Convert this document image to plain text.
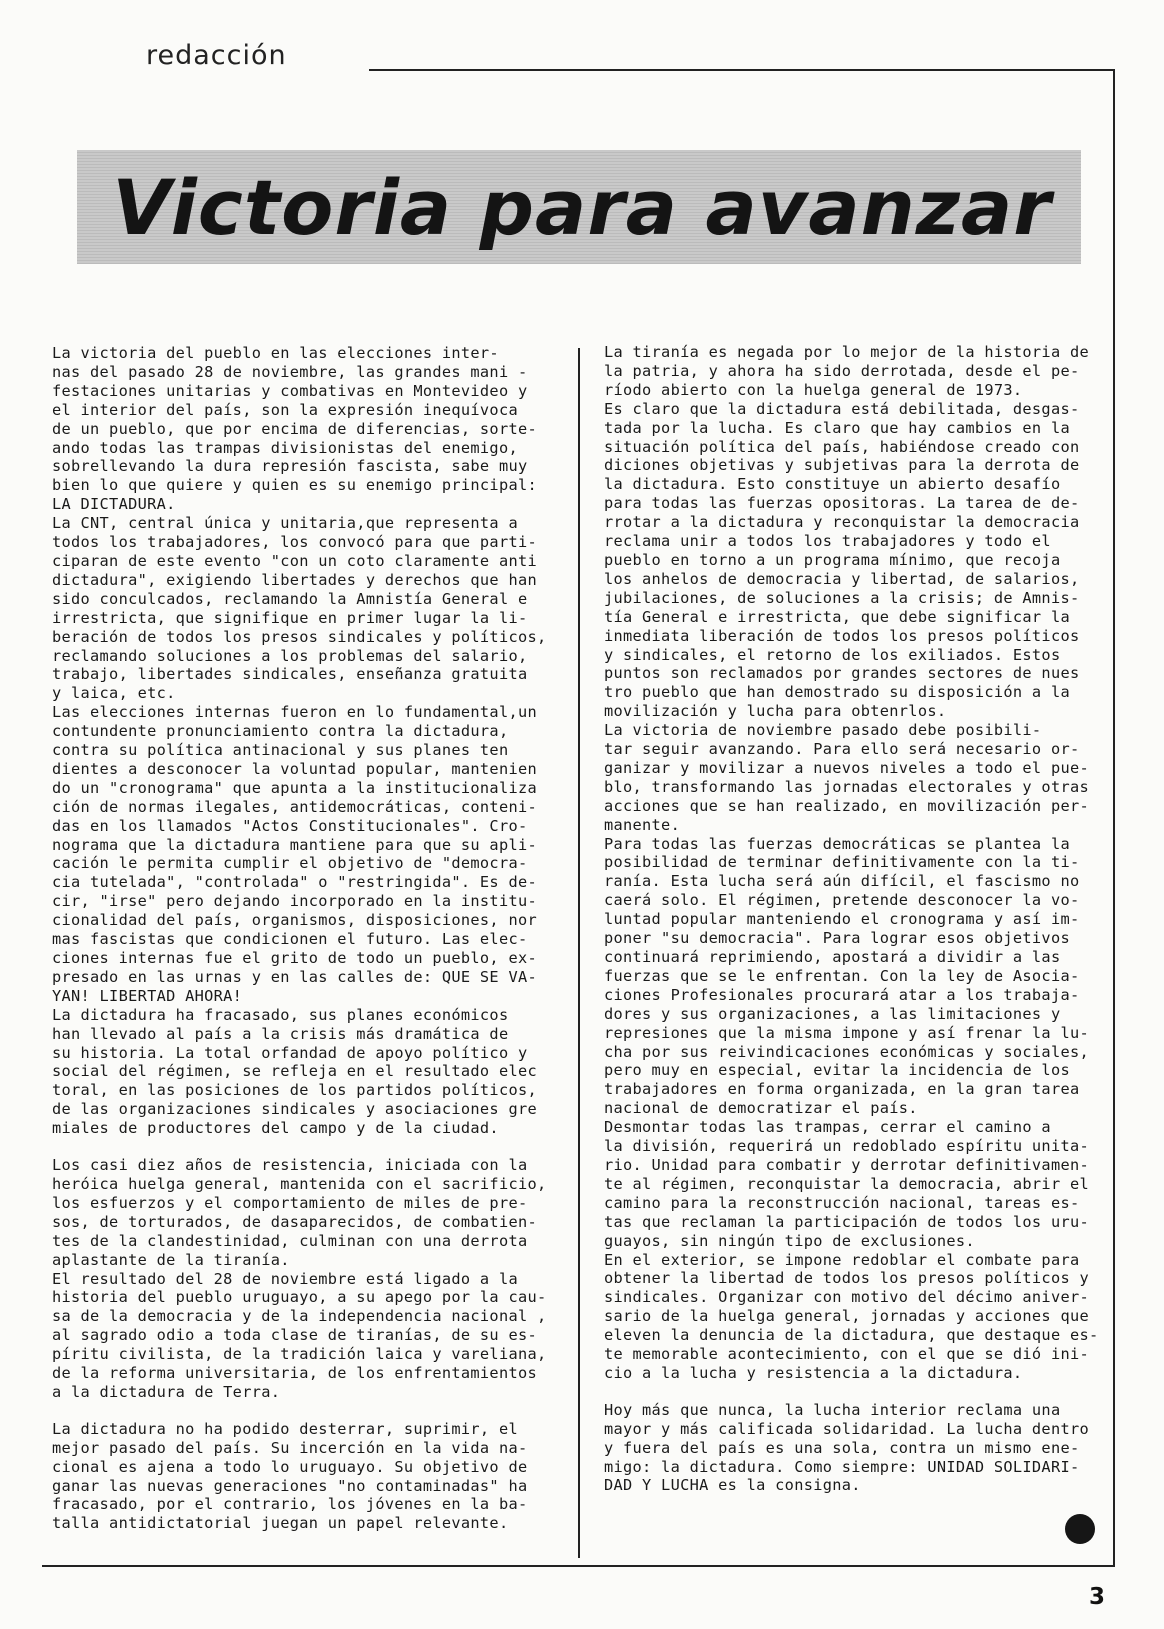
redacción
Victoria para avanzar

La victoria del pueblo en las elecciones inter-
nas del pasado 28 de noviembre, las grandes mani -
festaciones unitarias y combativas en Montevideo y
el interior del país, son la expresión inequívoca
de un pueblo, que por encima de diferencias, sorte-
ando todas las trampas divisionistas del enemigo,
sobrellevando la dura represión fascista, sabe muy
bien lo que quiere y quien es su enemigo principal:
LA DICTADURA.

La CNT, central única y unitaria,que representa a
todos los trabajadores, los convocó para que parti-
ciparan de este evento "con un coto claramente anti
dictadura", exigiendo libertades y derechos que han
sido conculcados, reclamando la Amnistía General e
irrestricta, que signifique en primer lugar la li-
beración de todos los presos sindicales y políticos,
reclamando soluciones a los problemas del salario,
trabajo, libertades sindicales, enseñanza gratuita
y laica, etc.

Las elecciones internas fueron en lo fundamental,un
contundente pronunciamiento contra la dictadura,
contra su política antinacional y sus planes ten
dientes a desconocer la voluntad popular, mantenien
do un "cronograma" que apunta a la institucionaliza
ción de normas ilegales, antidemocráticas, conteni-
das en los llamados "Actos Constitucionales". Cro-
nograma que la dictadura mantiene para que su apli-
cación le permita cumplir el objetivo de "democra-
cia tutelada", "controlada" o "restringida". Es de-
cir, "irse" pero dejando incorporado en la institu-
cionalidad del país, organismos, disposiciones, nor
mas fascistas que condicionen el futuro. Las elec-
ciones internas fue el grito de todo un pueblo, ex-
presado en las urnas y en las calles de: QUE SE VA-
YAN! LIBERTAD AHORA!

La dictadura ha fracasado, sus planes económicos
han llevado al país a la crisis más dramática de
su historia. La total orfandad de apoyo político y
social del régimen, se refleja en el resultado elec
toral, en las posiciones de los partidos políticos,
de las organizaciones sindicales y asociaciones gre
miales de productores del campo y de la ciudad.

Los casi diez años de resistencia, iniciada con la
heróica huelga general, mantenida con el sacrificio,
los esfuerzos y el comportamiento de miles de pre-
sos, de torturados, de dasaparecidos, de combatien-
tes de la clandestinidad, culminan con una derrota
aplastante de la tiranía.

El resultado del 28 de noviembre está ligado a la
historia del pueblo uruguayo, a su apego por la cau-
sa de la democracia y de la independencia nacional ,
al sagrado odio a toda clase de tiranías, de su es-
píritu civilista, de la tradición laica y vareliana,
de la reforma universitaria, de los enfrentamientos
a la dictadura de Terra.

La dictadura no ha podido desterrar, suprimir, el
mejor pasado del país. Su incerción en la vida na-
cional es ajena a todo lo uruguayo. Su objetivo de
ganar las nuevas generaciones "no contaminadas" ha
fracasado, por el contrario, los jóvenes en la ba-
talla antidictatorial juegan un papel relevante.

La tiranía es negada por lo mejor de la historia de
la patria, y ahora ha sido derrotada, desde el pe-
ríodo abierto con la huelga general de 1973.

Es claro que la dictadura está debilitada, desgas-
tada por la lucha. Es claro que hay cambios en la
situación política del país, habiéndose creado con
diciones objetivas y subjetivas para la derrota de
la dictadura. Esto constituye un abierto desafío
para todas las fuerzas opositoras. La tarea de de-
rrotar a la dictadura y reconquistar la democracia
reclama unir a todos los trabajadores y todo el
pueblo en torno a un programa mínimo, que recoja
los anhelos de democracia y libertad, de salarios,
jubilaciones, de soluciones a la crisis; de Amnis-
tía General e irrestricta, que debe significar la
inmediata liberación de todos los presos políticos
y sindicales, el retorno de los exiliados. Estos
puntos son reclamados por grandes sectores de nues
tro pueblo que han demostrado su disposición a la
movilización y lucha para obtenrlos.

La victoria de noviembre pasado debe posibili-
tar seguir avanzando. Para ello será necesario or-
ganizar y movilizar a nuevos niveles a todo el pue-
blo, transformando las jornadas electorales y otras
acciones que se han realizado, en movilización per-
manente.

Para todas las fuerzas democráticas se plantea la
posibilidad de terminar definitivamente con la ti-
ranía. Esta lucha será aún difícil, el fascismo no
caerá solo. El régimen, pretende desconocer la vo-
luntad popular manteniendo el cronograma y así im-
poner "su democracia". Para lograr esos objetivos
continuará reprimiendo, apostará a dividir a las
fuerzas que se le enfrentan. Con la ley de Asocia-
ciones Profesionales procurará atar a los trabaja-
dores y sus organizaciones, a las limitaciones y
represiones que la misma impone y así frenar la lu-
cha por sus reivindicaciones económicas y sociales,
pero muy en especial, evitar la incidencia de los
trabajadores en forma organizada, en la gran tarea
nacional de democratizar el país.

Desmontar todas las trampas, cerrar el camino a
la división, requerirá un redoblado espíritu unita-
rio. Unidad para combatir y derrotar definitivamen-
te al régimen, reconquistar la democracia, abrir el
camino para la reconstrucción nacional, tareas es-
tas que reclaman la participación de todos los uru-
guayos, sin ningún tipo de exclusiones.

En el exterior, se impone redoblar el combate para
obtener la libertad de todos los presos políticos y
sindicales. Organizar con motivo del décimo aniver-
sario de la huelga general, jornadas y acciones que
eleven la denuncia de la dictadura, que destaque es-
te memorable acontecimiento, con el que se dió ini-
cio a la lucha y resistencia a la dictadura.

Hoy más que nunca, la lucha interior reclama una
mayor y más calificada solidaridad. La lucha dentro
y fuera del país es una sola, contra un mismo ene-
migo: la dictadura. Como siempre: UNIDAD SOLIDARI-
DAD Y LUCHA es la consigna.

3
